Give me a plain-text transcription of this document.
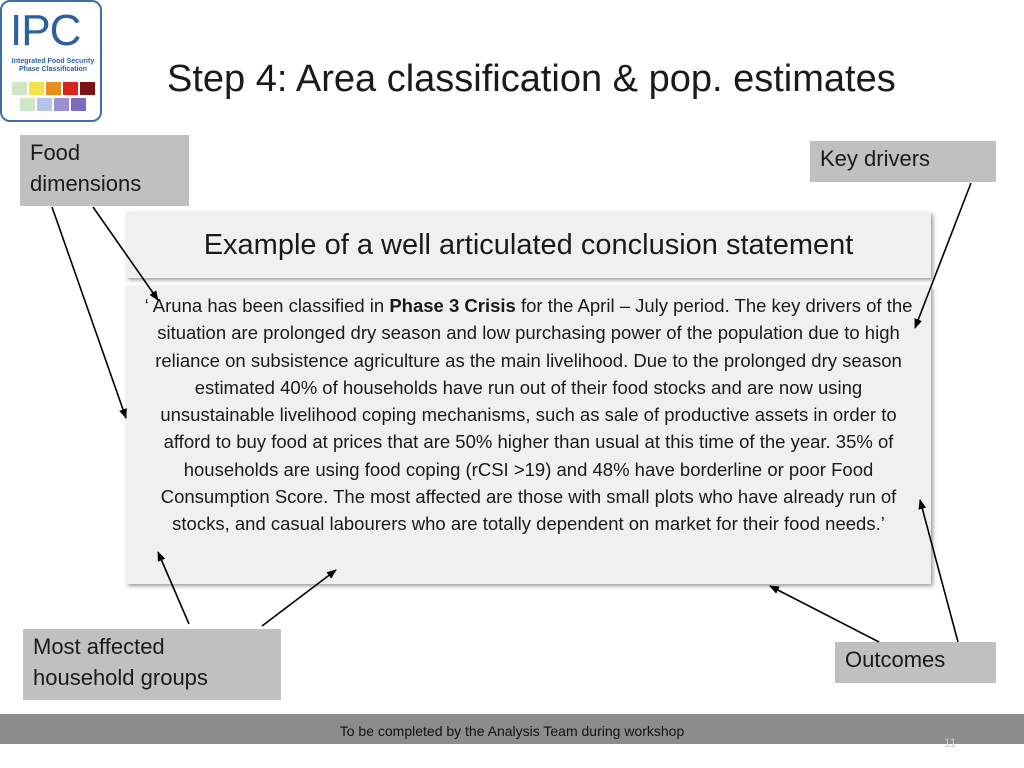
IPC
Integrated Food Security
Phase Classification Step 4: Area classification & pop. estimates
Food dimensions
Key drivers
Most affected household groups
Outcomes
Example of a well articulated conclusion statement
‘ Aruna has been classified in Phase 3 Crisis for the April – July period. The key drivers of the situation are prolonged dry season and low purchasing power of the population due to high reliance on subsistence agriculture as the main livelihood. Due to the prolonged dry season estimated 40% of households have run out of their food stocks and are now using unsustainable livelihood coping mechanisms, such as sale of productive assets in order to afford to buy food at prices that are 50% higher than usual at this time of the year. 35% of households are using food coping (rCSI >19) and 48% have borderline or poor Food Consumption Score. The most affected are those with small plots who have already run of stocks, and casual labourers who are totally dependent on market for their food needs.’
To be completed by the Analysis Team during workshop
11
